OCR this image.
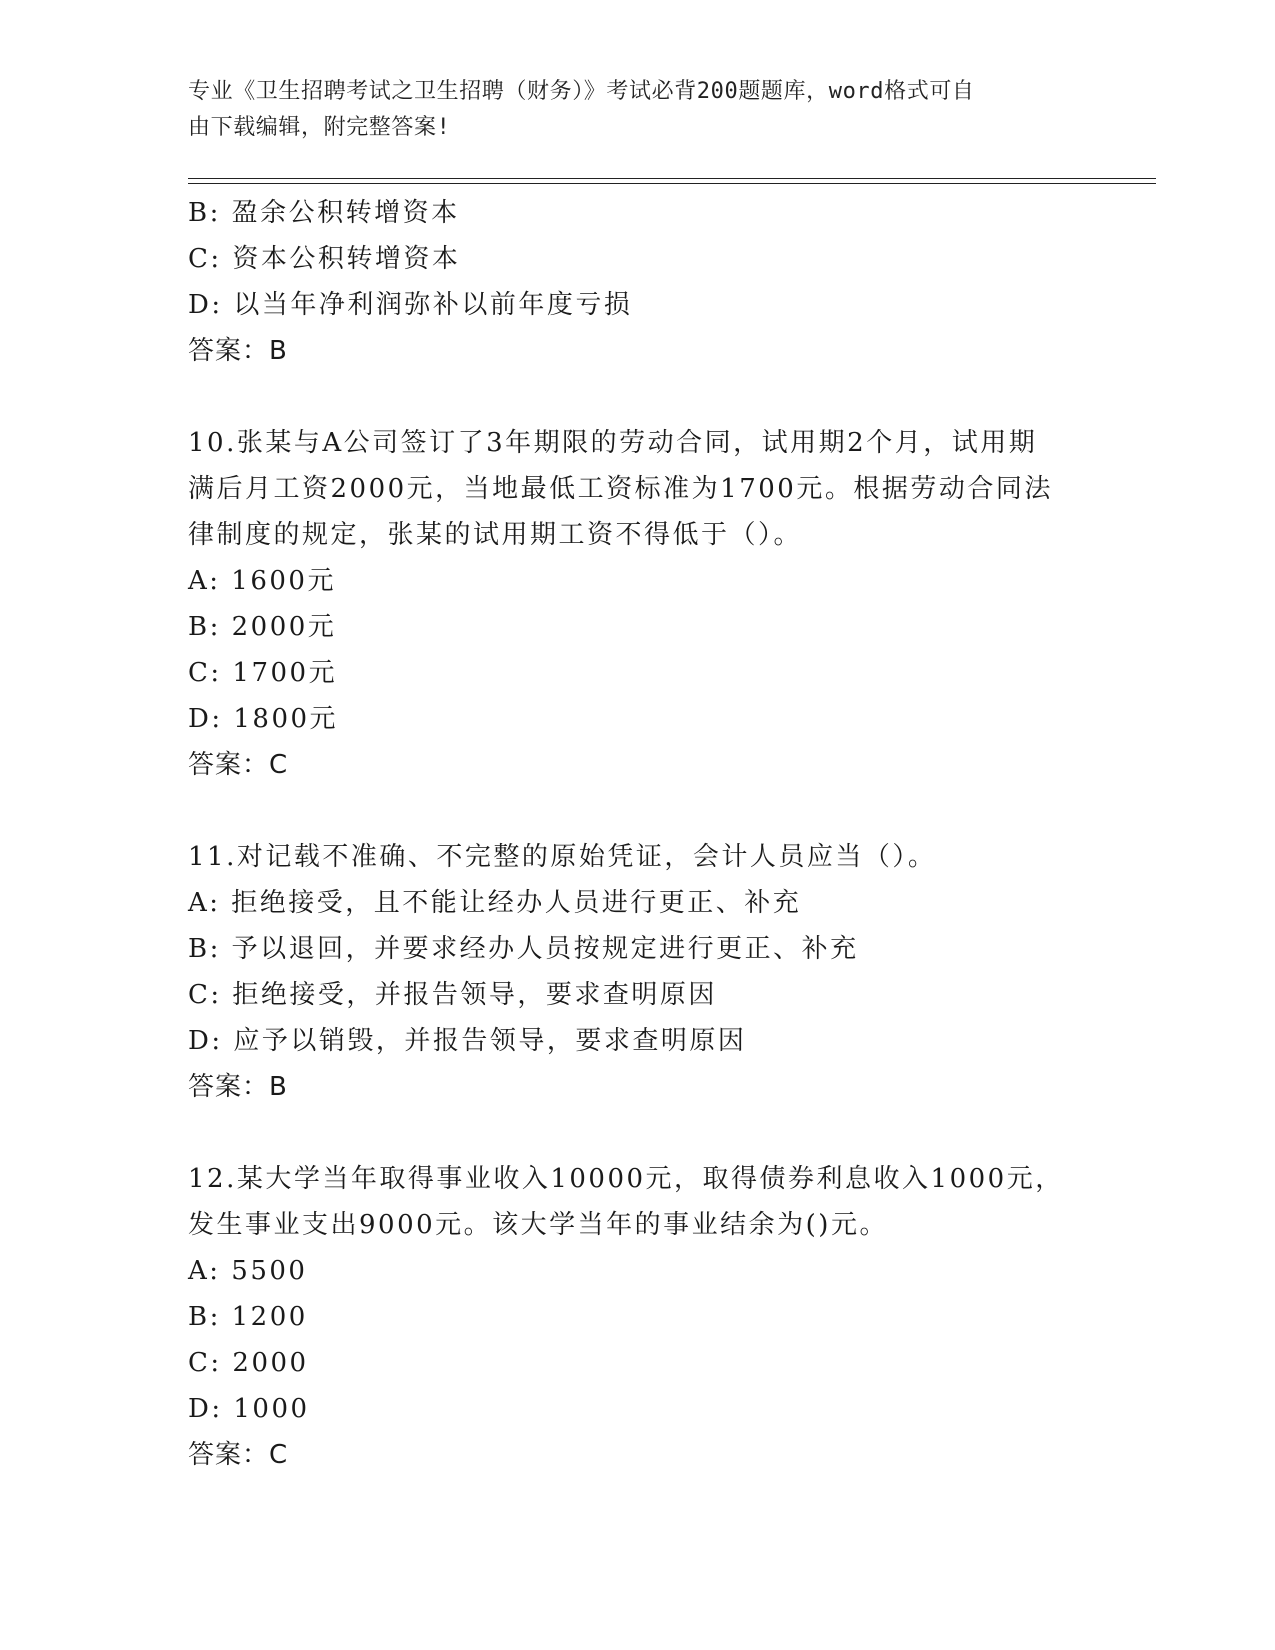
专业《卫生招聘考试之卫生招聘（财务）》考试必背200题题库，word格式可自
由下载编辑，附完整答案!
B: 盈余公积转增资本
C: 资本公积转增资本
D: 以当年净利润弥补以前年度亏损
答案：B
10.张某与A公司签订了3年期限的劳动合同，试用期2个月，试用期
满后月工资2000元，当地最低工资标准为1700元。根据劳动合同法
律制度的规定，张某的试用期工资不得低于（）。
A: 1600元
B: 2000元
C: 1700元
D: 1800元
答案：C
11.对记载不准确、不完整的原始凭证，会计人员应当（）。
A: 拒绝接受，且不能让经办人员进行更正、补充
B: 予以退回，并要求经办人员按规定进行更正、补充
C: 拒绝接受，并报告领导，要求查明原因
D: 应予以销毁，并报告领导，要求查明原因
答案：B
12.某大学当年取得事业收入10000元，取得债券利息收入1000元，
发生事业支出9000元。该大学当年的事业结余为()元。
A: 5500
B: 1200
C: 2000
D: 1000
答案：C
